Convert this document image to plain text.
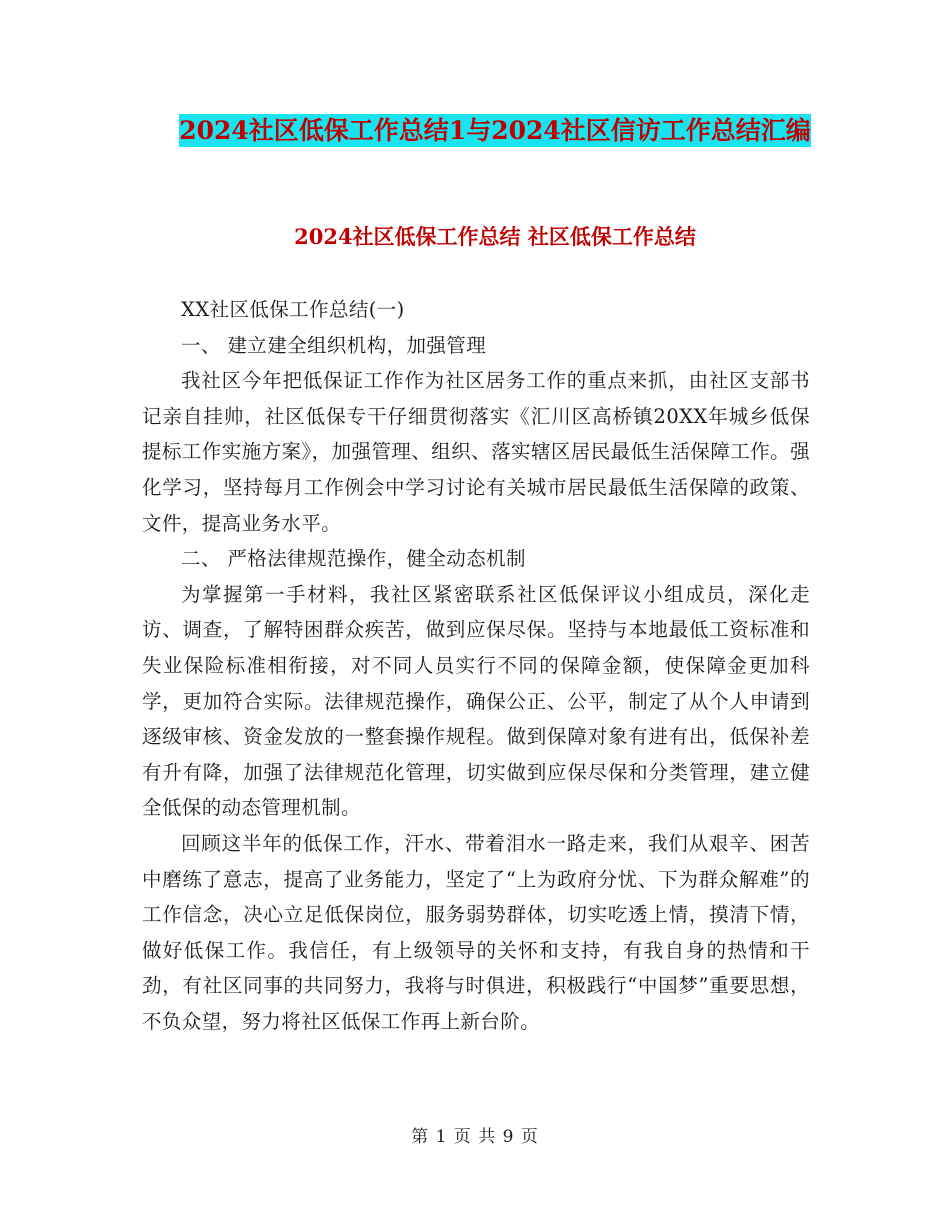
2024社区低保工作总结1与2024社区信访工作总结汇编
2024社区低保工作总结 社区低保工作总结

XX社区低保工作总结(一)

一、 建立建全组织机构，加强管理

我社区今年把低保证工作作为社区居务工作的重点来抓，由社区支部书记亲自挂帅，社区低保专干仔细贯彻落实《汇川区高桥镇20XX年城乡低保提标工作实施方案》，加强管理、组织、落实辖区居民最低生活保障工作。强化学习，坚持每月工作例会中学习讨论有关城市居民最低生活保障的政策、文件，提高业务水平。

二、 严格法律规范操作，健全动态机制

为掌握第一手材料，我社区紧密联系社区低保评议小组成员，深化走访、调查，了解特困群众疾苦，做到应保尽保。坚持与本地最低工资标准和失业保险标准相衔接，对不同人员实行不同的保障金额，使保障金更加科学，更加符合实际。法律规范操作，确保公正、公平，制定了从个人申请到逐级审核、资金发放的一整套操作规程。做到保障对象有进有出，低保补差有升有降，加强了法律规范化管理，切实做到应保尽保和分类管理，建立健全低保的动态管理机制。

回顾这半年的低保工作，汗水、带着泪水一路走来，我们从艰辛、困苦中磨练了意志，提高了业务能力，坚定了“上为政府分忧、下为群众解难”的工作信念，决心立足低保岗位，服务弱势群体，切实吃透上情，摸清下情，做好低保工作。我信任，有上级领导的关怀和支持，有我自身的热情和干劲，有社区同事的共同努力，我将与时俱进，积极践行“中国梦”重要思想，不负众望，努力将社区低保工作再上新台阶。

第 1 页 共 9 页
